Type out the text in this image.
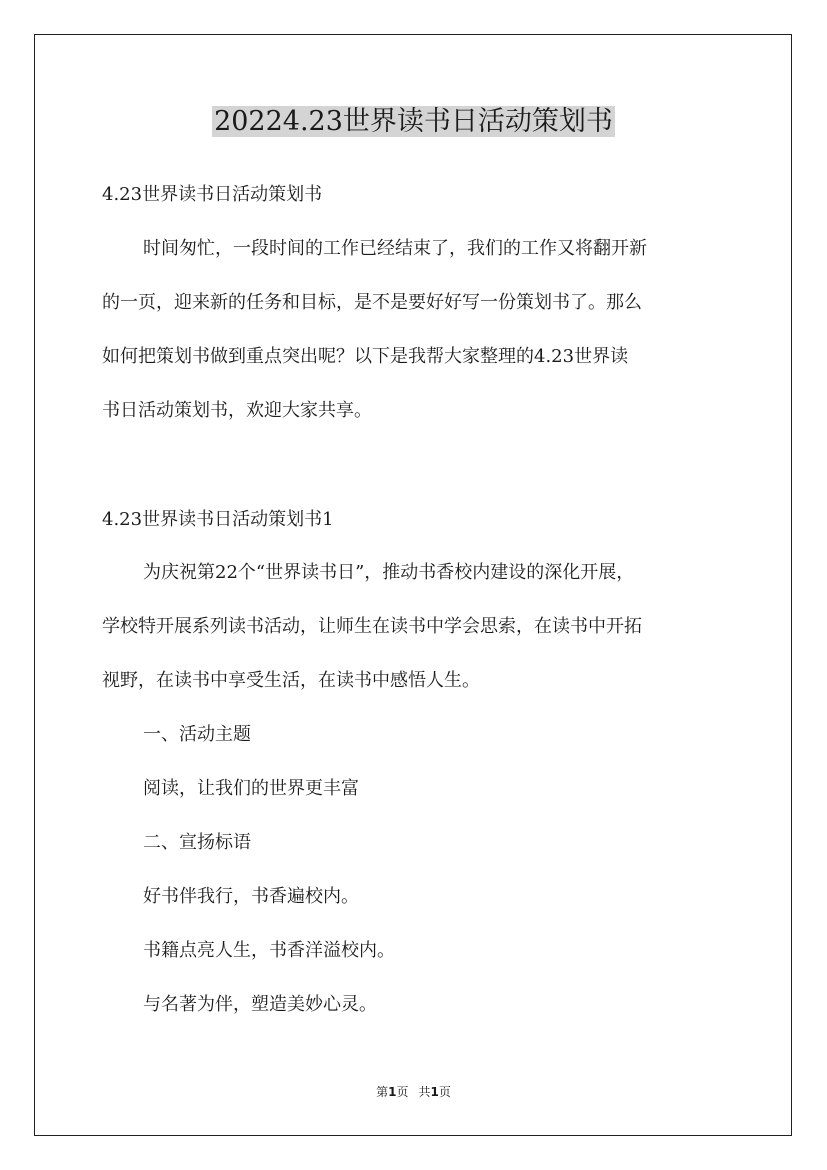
20224.23世界读书日活动策划书

4.23世界读书日活动策划书

时间匆忙，一段时间的工作已经结束了，我们的工作又将翻开新

的一页，迎来新的任务和目标，是不是要好好写一份策划书了。那么

如何把策划书做到重点突出呢？以下是我帮大家整理的4.23世界读

书日活动策划书，欢迎大家共享。

4.23世界读书日活动策划书1

为庆祝第22个“世界读书日”，推动书香校内建设的深化开展，

学校特开展系列读书活动，让师生在读书中学会思索，在读书中开拓

视野，在读书中享受生活，在读书中感悟人生。

一、活动主题

阅读，让我们的世界更丰富

二、宣扬标语

好书伴我行，书香遍校内。

书籍点亮人生，书香洋溢校内。

与名著为伴，塑造美妙心灵。

第1页 共1页
